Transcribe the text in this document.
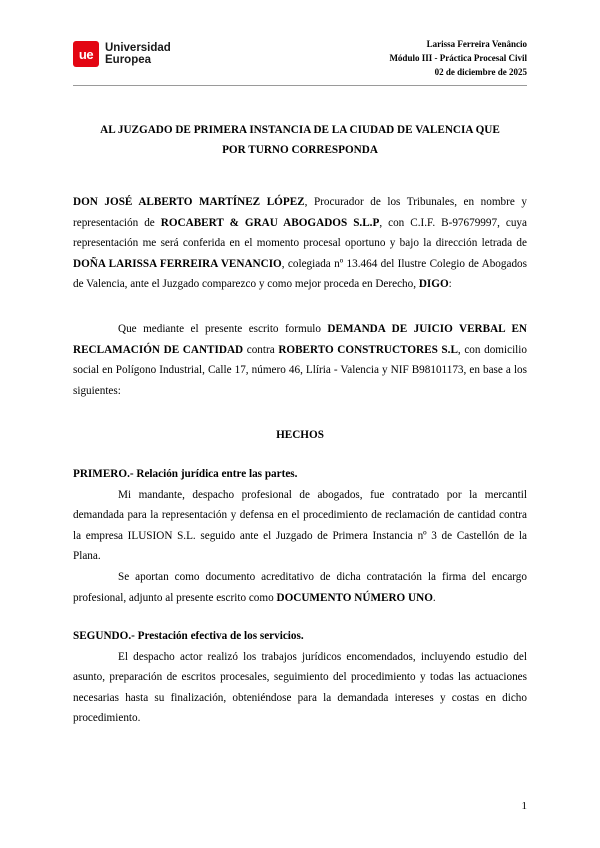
ue	Universidad
Europea
Larissa Ferreira Venâncio
Módulo III - Práctica Procesal Civil
02 de diciembre de 2025
AL JUZGADO DE PRIMERA INSTANCIA DE LA CIUDAD DE VALENCIA QUE
POR TURNO CORRESPONDA

DON JOSÉ ALBERTO MARTÍNEZ LÓPEZ, Procurador de los Tribunales, en nombre y representación de ROCABERT & GRAU ABOGADOS S.L.P, con C.I.F. B-97679997, cuya representación me será conferida en el momento procesal oportuno y bajo la dirección letrada de DOÑA LARISSA FERREIRA VENANCIO, colegiada nº 13.464 del Ilustre Colegio de Abogados de Valencia, ante el Juzgado comparezco y como mejor proceda en Derecho, DIGO:

Que mediante el presente escrito formulo DEMANDA DE JUICIO VERBAL EN RECLAMACIÓN DE CANTIDAD contra ROBERTO CONSTRUCTORES S.L, con domicilio social en Polígono Industrial, Calle 17, número 46, Llíria - Valencia y NIF B98101173, en base a los siguientes:

HECHOS

PRIMERO.- Relación jurídica entre las partes.

Mi mandante, despacho profesional de abogados, fue contratado por la mercantil demandada para la representación y defensa en el procedimiento de reclamación de cantidad contra la empresa ILUSION S.L. seguido ante el Juzgado de Primera Instancia nº 3 de Castellón de la Plana.

Se aportan como documento acreditativo de dicha contratación la firma del encargo profesional, adjunto al presente escrito como DOCUMENTO NÚMERO UNO.

SEGUNDO.- Prestación efectiva de los servicios.

El despacho actor realizó los trabajos jurídicos encomendados, incluyendo estudio del asunto, preparación de escritos procesales, seguimiento del procedimiento y todas las actuaciones necesarias hasta su finalización, obteniéndose para la demandada intereses y costas en dicho procedimiento.

1
